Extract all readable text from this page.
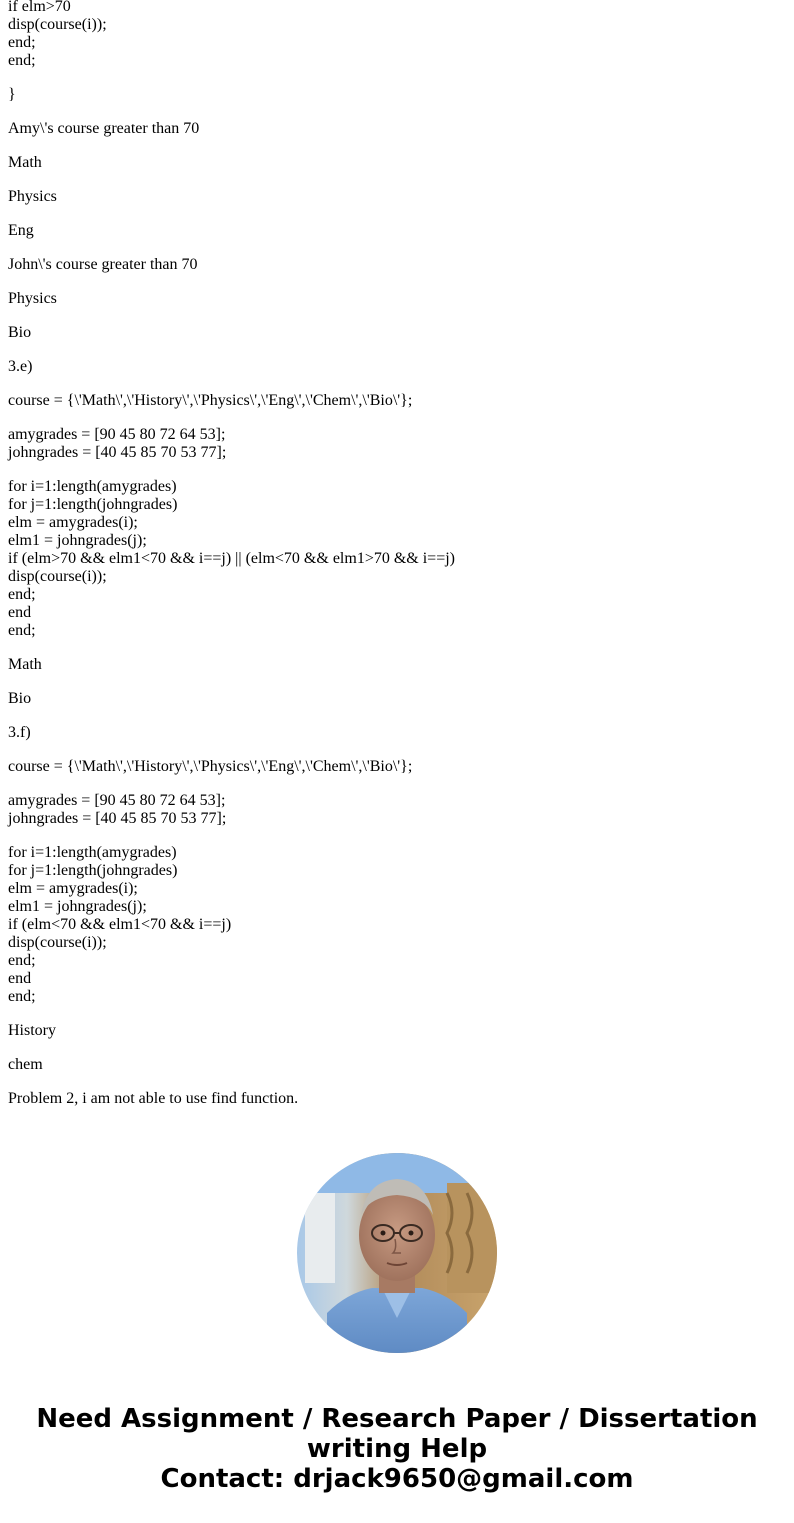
if elm>70
disp(course(i));
end;
end;
}
Amy\'s course greater than 70
Math
Physics
Eng
John\'s course greater than 70
Physics
Bio
3.e)
course = {\'Math\',\'History\',\'Physics\',\'Eng\',\'Chem\',\'Bio\'};
amygrades = [90 45 80 72 64 53];
johngrades = [40 45 85 70 53 77];
for i=1:length(amygrades)
for j=1:length(johngrades)
elm = amygrades(i);
elm1 = johngrades(j);
if (elm>70 && elm1<70 && i==j) || (elm<70 && elm1>70 && i==j)
disp(course(i));
end;
end
end;
Math
Bio
3.f)
course = {\'Math\',\'History\',\'Physics\',\'Eng\',\'Chem\',\'Bio\'};
amygrades = [90 45 80 72 64 53];
johngrades = [40 45 85 70 53 77];
for i=1:length(amygrades)
for j=1:length(johngrades)
elm = amygrades(i);
elm1 = johngrades(j);
if (elm<70 && elm1<70 && i==j)
disp(course(i));
end;
end
end;
History
chem
Problem 2, i am not able to use find function.
Need Assignment / Research Paper / Dissertation
writing Help
Contact: drjack9650@gmail.com
